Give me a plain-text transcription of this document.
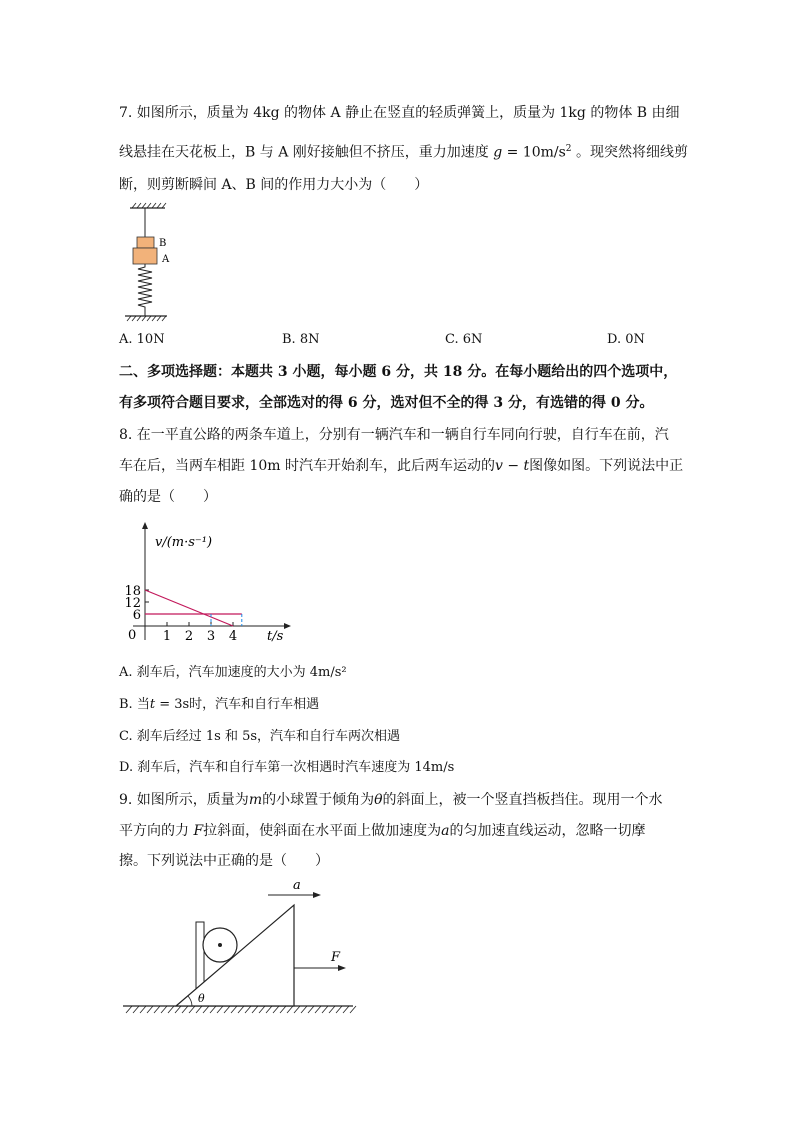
7. 如图所示，质量为 4kg 的物体 A 静止在竖直的轻质弹簧上，质量为 1kg 的物体 B 由细
线悬挂在天花板上，B 与 A 刚好接触但不挤压，重力加速度 $g = 10m/s^2$ 。现突然将细线剪
断，则剪断瞬间 A、B 间的作用力大小为（　　）
B
A
A. 10N	B. 8N	C. 6N	D. 0N
二、多项选择题：本题共 3 小题，每小题 6 分，共 18 分。在每小题给出的四个选项中，
有多项符合题目要求，全部选对的得 6 分，选对但不全的得 3 分，有选错的得 0 分。
8. 在一平直公路的两条车道上，分别有一辆汽车和一辆自行车同向行驶，自行车在前，汽
车在后，当两车相距 10m 时汽车开始刹车，此后两车运动的v − t图像如图。下列说法中正
确的是（　　）
v/(m·s⁻¹)
t/s
0
6
12
18
1 2 3 4
A. 刹车后，汽车加速度的大小为 4m/s²
B. 当t = 3s时，汽车和自行车相遇
C. 刹车后经过 1s 和 5s，汽车和自行车两次相遇
D. 刹车后，汽车和自行车第一次相遇时汽车速度为 14m/s
9. 如图所示，质量为m的小球置于倾角为θ的斜面上，被一个竖直挡板挡住。现用一个水
平方向的力 F拉斜面，使斜面在水平面上做加速度为a的匀加速直线运动，忽略一切摩
擦。下列说法中正确的是（　　）
a
θ
F
